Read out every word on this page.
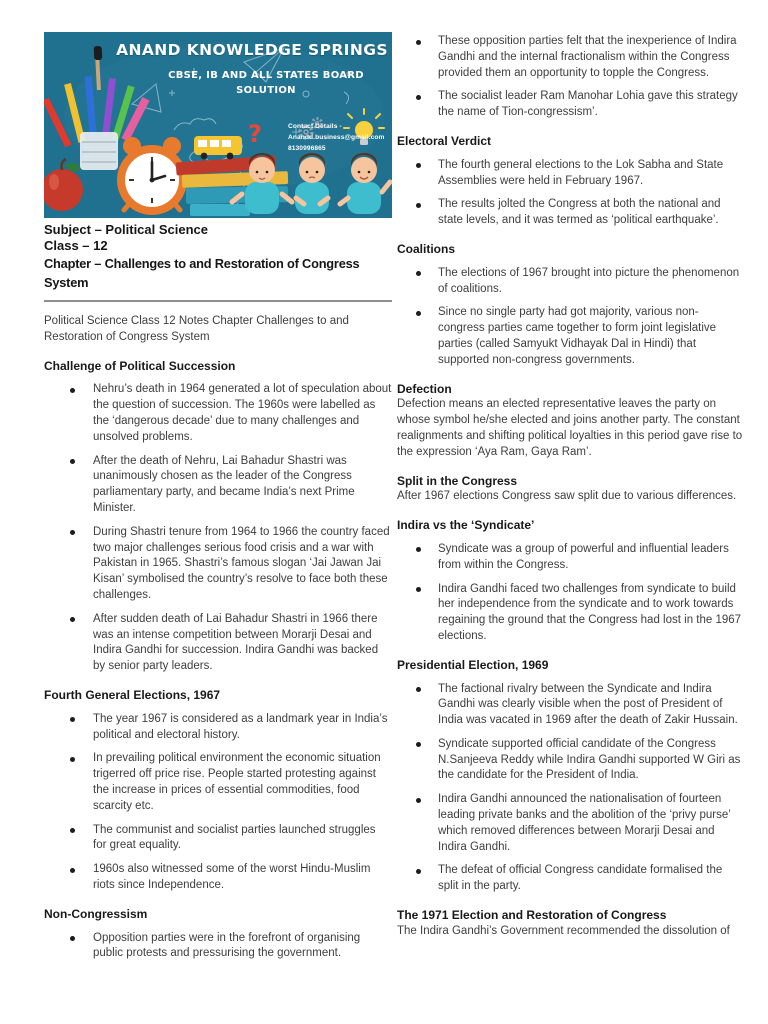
?
ANAND KNOWLEDGE SPRINGS
CBSE, IB AND ALL STATES BOARD SOLUTION
Contact Details -
Anandd.business@gmail.com
8130996865
Subject – Political Science
Class – 12
Chapter – Challenges to and Restoration of Congress System

Political Science Class 12 Notes Chapter Challenges to and Restoration of Congress System

Challenge of Political Succession
Nehru’s death in 1964 generated a lot of speculation about the question of succession. The 1960s were labelled as the ‘dangerous decade’ due to many challenges and unsolved problems.
After the death of Nehru, Lai Bahadur Shastri was unanimously chosen as the leader of the Congress parliamentary party, and became India’s next Prime Minister.
During Shastri tenure from 1964 to 1966 the country faced two major challenges serious food crisis and a war with Pakistan in 1965. Shastri’s famous slogan ‘Jai Jawan Jai Kisan’ symbolised the country’s resolve to face both these challenges.
After sudden death of Lai Bahadur Shastri in 1966 there was an intense competition between Morarji Desai and Indira Gandhi for succession. Indira Gandhi was backed by senior party leaders.
Fourth General Elections, 1967
The year 1967 is considered as a landmark year in India’s political and electoral history.
In prevailing political environment the economic situation trigerred off price rise. People started protesting against the increase in prices of essential commodities, food scarcity etc.
The communist and socialist parties launched struggles for great equality.
1960s also witnessed some of the worst Hindu-Muslim riots since Independence.
Non-Congressism
Opposition parties were in the forefront of organising public protests and pressurising the government.
These opposition parties felt that the inexperience of Indira Gandhi and the internal fractionalism within the Congress provided them an opportunity to topple the Congress.
The socialist leader Ram Manohar Lohia gave this strategy the name of Tion-congressism’.
Electoral Verdict
The fourth general elections to the Lok Sabha and State Assemblies were held in February 1967.
The results jolted the Congress at both the national and state levels, and it was termed as ‘political earthquake’.
Coalitions
The elections of 1967 brought into picture the phenomenon of coalitions.
Since no single party had got majority, various non-congress parties came together to form joint legislative parties (called Samyukt Vidhayak Dal in Hindi) that supported non-congress governments.
Defection

Defection means an elected representative leaves the party on whose symbol he/she elected and joins another party. The constant realignments and shifting political loyalties in this period gave rise to the expression ‘Aya Ram, Gaya Ram’.

Split in the Congress

After 1967 elections Congress saw split due to various differences.

Indira vs the ‘Syndicate’
Syndicate was a group of powerful and influential leaders from within the Congress.
Indira Gandhi faced two challenges from syndicate to build her independence from the syndicate and to work towards regaining the ground that the Congress had lost in the 1967 elections.
Presidential Election, 1969
The factional rivalry between the Syndicate and Indira Gandhi was clearly visible when the post of President of India was vacated in 1969 after the death of Zakir Hussain.
Syndicate supported official candidate of the Congress N.Sanjeeva Reddy while Indira Gandhi supported W Giri as the candidate for the President of India.
Indira Gandhi announced the nationalisation of fourteen leading private banks and the abolition of the ‘privy purse’ which removed differences between Morarji Desai and Indira Gandhi.
The defeat of official Congress candidate formalised the split in the party.
The 1971 Election and Restoration of Congress

The Indira Gandhi’s Government recommended the dissolution of
